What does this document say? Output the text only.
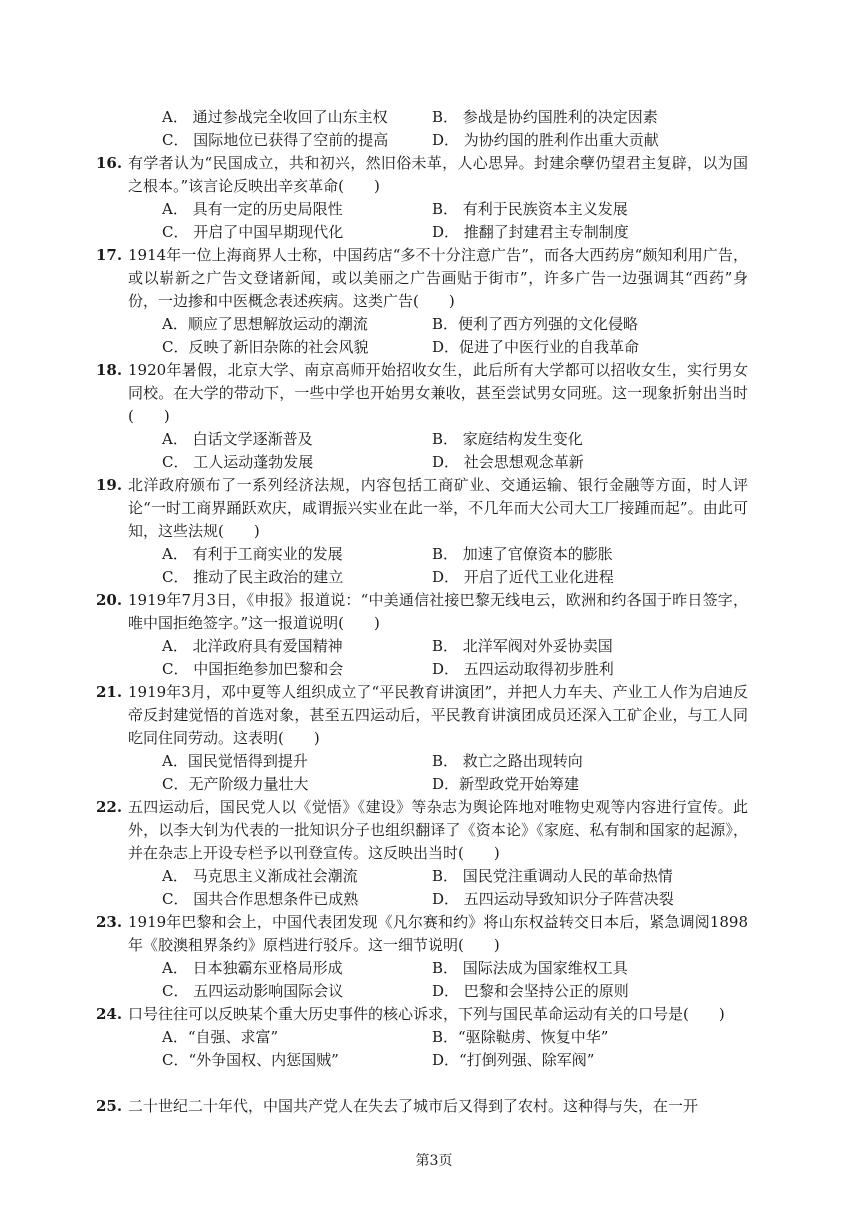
A． 通过参战完全收回了山东主权	B． 参战是协约国胜利的决定因素
C． 国际地位已获得了空前的提高	D． 为协约国的胜利作出重大贡献
16. 有学者认为“民国成立，共和初兴，然旧俗未革，人心思异。封建余孽仍望君主复辟，以为国之根本。”该言论反映出辛亥革命(　　)

A． 具有一定的历史局限性	B． 有利于民族资本主义发展
C． 开启了中国早期现代化	D． 推翻了封建君主专制制度
17. 1914年一位上海商界人士称，中国药店“多不十分注意广告”，而各大西药房“颇知利用广告，或以崭新之广告文登诸新闻，或以美丽之广告画贴于街市”，许多广告一边强调其“西药”身份，一边掺和中医概念表述疾病。这类广告(　　)

A．顺应了思想解放运动的潮流	B．便利了西方列强的文化侵略
C．反映了新旧杂陈的社会风貌	D．促进了中医行业的自我革命
18. 1920年暑假，北京大学、南京高师开始招收女生，此后所有大学都可以招收女生，实行男女同校。在大学的带动下，一些中学也开始男女兼收，甚至尝试男女同班。这一现象折射出当时(　　)

A． 白话文学逐渐普及	B． 家庭结构发生变化
C． 工人运动蓬勃发展	D． 社会思想观念革新
19. 北洋政府颁布了一系列经济法规，内容包括工商矿业、交通运输、银行金融等方面，时人评论“一时工商界踊跃欢庆，咸谓振兴实业在此一举，不几年而大公司大工厂接踵而起”。由此可知，这些法规(　　)

A． 有利于工商实业的发展	B． 加速了官僚资本的膨胀
C． 推动了民主政治的建立	D． 开启了近代工业化进程
20. 1919年7月3日，《申报》报道说：“中美通信社接巴黎无线电云，欧洲和约各国于昨日签字，唯中国拒绝签字。”这一报道说明(　　)

A． 北洋政府具有爱国精神	B． 北洋军阀对外妥协卖国
C． 中国拒绝参加巴黎和会	D． 五四运动取得初步胜利
21. 1919年3月，邓中夏等人组织成立了“平民教育讲演团”，并把人力车夫、产业工人作为启迪反帝反封建觉悟的首选对象，甚至五四运动后，平民教育讲演团成员还深入工矿企业，与工人同吃同住同劳动。这表明(　　)

A．国民觉悟得到提升	B． 救亡之路出现转向
C．无产阶级力量壮大	D．新型政党开始筹建
22. 五四运动后，国民党人以《觉悟》《建设》等杂志为舆论阵地对唯物史观等内容进行宣传。此外，以李大钊为代表的一批知识分子也组织翻译了《资本论》《家庭、私有制和国家的起源》，并在杂志上开设专栏予以刊登宣传。这反映出当时(　　)

A． 马克思主义渐成社会潮流	B． 国民党注重调动人民的革命热情
C． 国共合作思想条件已成熟	D． 五四运动导致知识分子阵营决裂
23. 1919年巴黎和会上，中国代表团发现《凡尔赛和约》将山东权益转交日本后，紧急调阅1898年《胶澳租界条约》原档进行驳斥。这一细节说明(　　)

A． 日本独霸东亚格局形成	B． 国际法成为国家维权工具
C． 五四运动影响国际会议	D． 巴黎和会坚持公正的原则
24. 口号往往可以反映某个重大历史事件的核心诉求，下列与国民革命运动有关的口号是(　　)

A．“自强、求富”	B．“驱除鞑虏、恢复中华”
C．“外争国权、内惩国贼”	D．“打倒列强、除军阀”
25. 二十世纪二十年代，中国共产党人在失去了城市后又得到了农村。这种得与失，在一开

第3页
